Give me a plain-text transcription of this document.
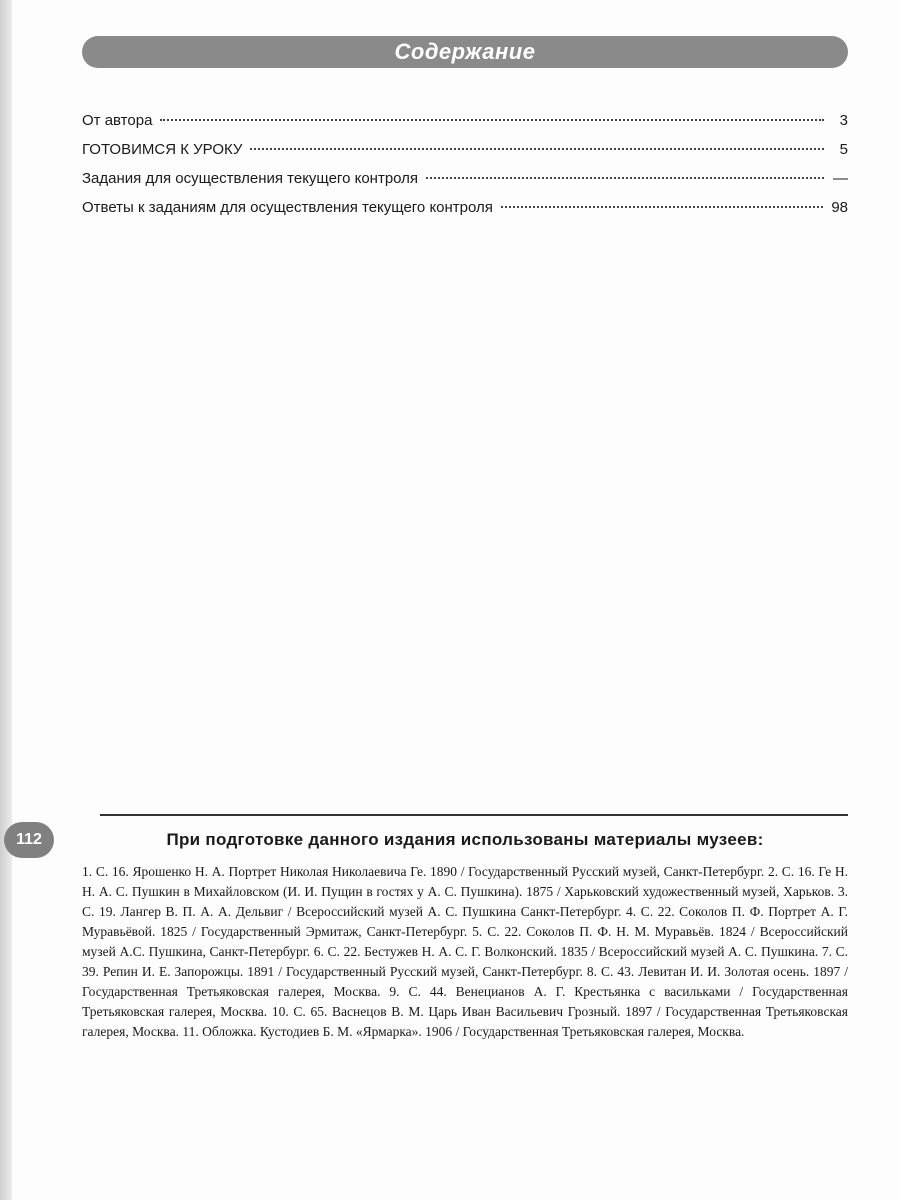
Содержание
От автора	3
ГОТОВИМСЯ К УРОКУ	5
Задания для осуществления текущего контроля	—
Ответы к заданиям для осуществления текущего контроля	98
При подготовке данного издания использованы материалы музеев:
1. С. 16. Ярошенко Н. А. Портрет Николая Николаевича Ге. 1890 / Государственный Русский музей, Санкт-Петербург. 2. С. 16. Ге Н. Н. А. С. Пушкин в Михайловском (И. И. Пущин в гостях у А. С. Пушкина). 1875 / Харьковский художественный музей, Харьков. 3. С. 19. Лангер В. П. А. А. Дельвиг / Всероссийский музей А. С. Пушкина Санкт-Петербург. 4. С. 22. Соколов П. Ф. Портрет А. Г. Муравьёвой. 1825 / Государственный Эрмитаж, Санкт-Петербург. 5. С. 22. Соколов П. Ф. Н. М. Муравьёв. 1824 / Всероссийский музей А.С. Пушкина, Санкт-Петербург. 6. С. 22. Бестужев Н. А. С. Г. Волконский. 1835 / Всероссийский музей А. С. Пушкина. 7. С. 39. Репин И. Е. Запорожцы. 1891 / Государственный Русский музей, Санкт-Петербург. 8. С. 43. Левитан И. И. Золотая осень. 1897 / Государственная Третьяковская галерея, Москва. 9. С. 44. Венецианов А. Г. Крестьянка с васильками / Государственная Третьяковская галерея, Москва. 10. С. 65. Васнецов В. М. Царь Иван Васильевич Грозный. 1897 / Государственная Третьяковская галерея, Москва. 11. Обложка. Кустодиев Б. М. «Ярмарка». 1906 / Государственная Третьяковская галерея, Москва.
112
